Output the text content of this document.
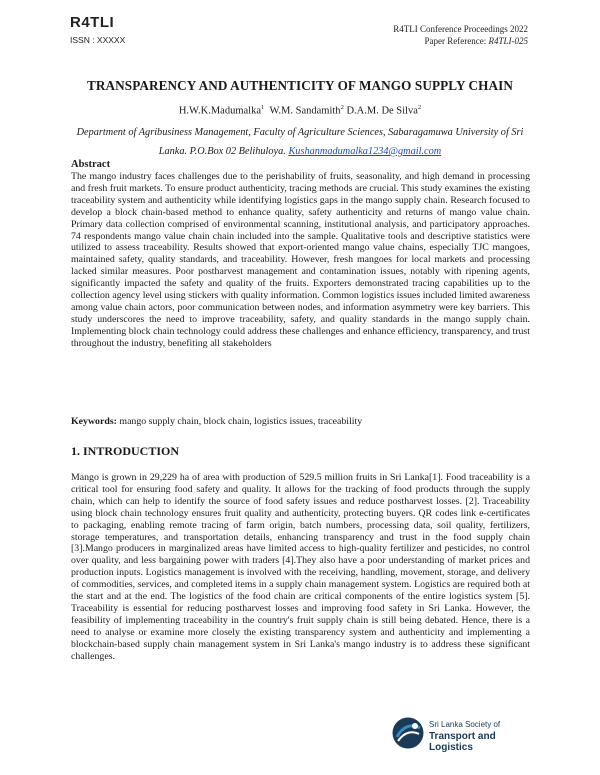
R4TLI
ISSN : XXXXX
R4TLI Conference Proceedings 2022
Paper Reference: R4TLI-025
TRANSPARENCY AND AUTHENTICITY OF MANGO SUPPLY CHAIN
H.W.K.Madumalka$^1$ W.M. Sandamith$^2$ D.A.M. De Silva$^2$
Department of Agribusiness Management, Faculty of Agriculture Sciences, Sabaragamuwa University of Sri Lanka. P.O.Box 02 Belihuloya. Kushanmadumalka1234@gmail.com
Abstract

The mango industry faces challenges due to the perishability of fruits, seasonality, and high demand in processing and fresh fruit markets. To ensure product authenticity, tracing methods are crucial. This study examines the existing traceability system and authenticity while identifying logistics gaps in the mango supply chain. Research focused to develop a block chain-based method to enhance quality, safety authenticity and returns of mango value chain. Primary data collection comprised of environmental scanning, institutional analysis, and participatory approaches. 74 respondents mango value chain chain included into the sample. Qualitative tools and descriptive statistics were utilized to assess traceability. Results showed that export-oriented mango value chains, especially TJC mangoes, maintained safety, quality standards, and traceability. However, fresh mangoes for local markets and processing lacked similar measures. Poor postharvest management and contamination issues, notably with ripening agents, significantly impacted the safety and quality of the fruits. Exporters demonstrated tracing capabilities up to the collection agency level using stickers with quality information. Common logistics issues included limited awareness among value chain actors, poor communication between nodes, and information asymmetry were key barriers. This study underscores the need to improve traceability, safety, and quality standards in the mango supply chain. Implementing block chain technology could address these challenges and enhance efficiency, transparency, and trust throughout the industry, benefiting all stakeholders

Keywords: mango supply chain, block chain, logistics issues, traceability
1. INTRODUCTION

Mango is grown in 29,229 ha of area with production of 529.5 million fruits in Sri Lanka[1]. Food traceability is a critical tool for ensuring food safety and quality. It allows for the tracking of food products through the supply chain, which can help to identify the source of food safety issues and reduce postharvest losses. [2]. Traceability using block chain technology ensures fruit quality and authenticity, protecting buyers. QR codes link e-certificates to packaging, enabling remote tracing of farm origin, batch numbers, processing data, soil quality, fertilizers, storage temperatures, and transportation details, enhancing transparency and trust in the food supply chain [3].Mango producers in marginalized areas have limited access to high-quality fertilizer and pesticides, no control over quality, and less bargaining power with traders [4].They also have a poor understanding of market prices and production inputs. Logistics management is involved with the receiving, handling, movement, storage, and delivery of commodities, services, and completed items in a supply chain management system. Logistics are required both at the start and at the end. The logistics of the food chain are critical components of the entire logistics system [5]. Traceability is essential for reducing postharvest losses and improving food safety in Sri Lanka. However, the feasibility of implementing traceability in the country's fruit supply chain is still being debated. Hence, there is a need to analyse or examine more closely the existing transparency system and authenticity and implementing a blockchain-based supply chain management system in Sri Lanka's mango industry is to address these significant challenges.

Sri Lanka Society of
Transport and Logistics
